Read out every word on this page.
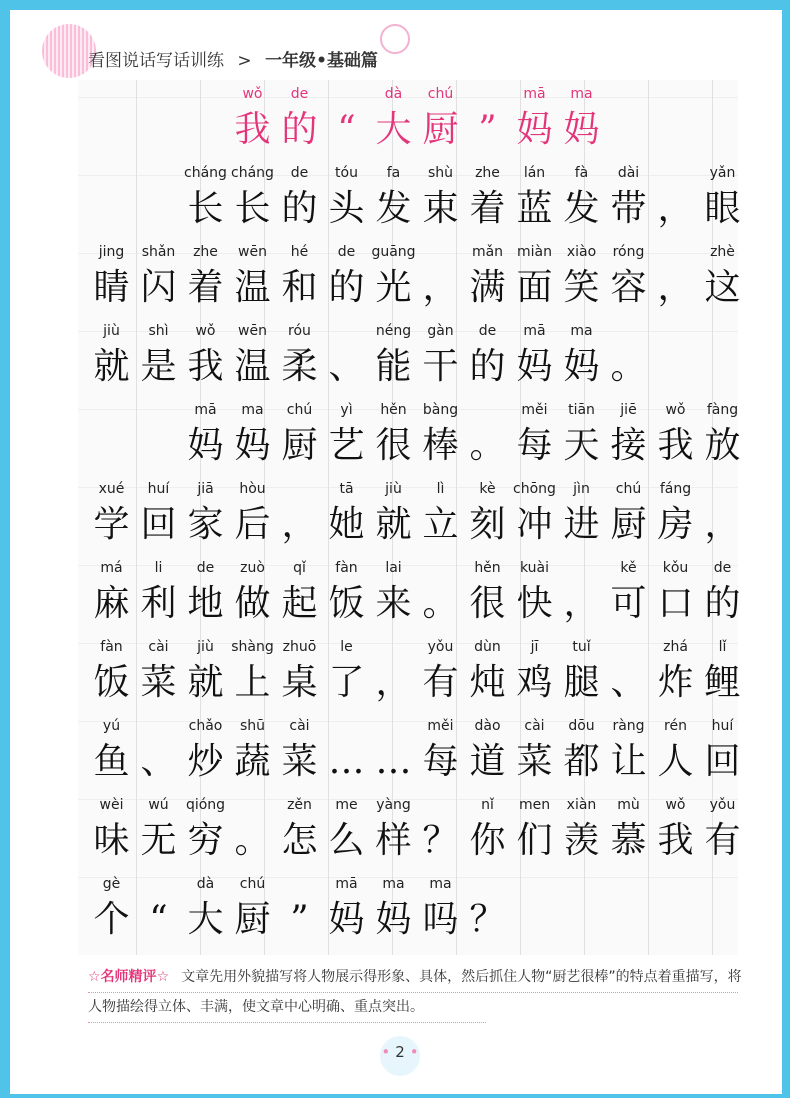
看图说话写话训练 > 一年级•基础篇
wǒ
我
de
的 “
dà
大
chú
厨 ”
mā
妈
ma
妈
cháng
长
cháng
长
de
的
tóu
头
fa
发
shù
束
zhe
着
lán
蓝
fà
发
dài
带 ，
yǎn
眼
jing
睛
shǎn
闪
zhe
着
wēn
温
hé
和
de
的
guāng
光 ，
mǎn
满
miàn
面
xiào
笑
róng
容 ，
zhè
这
jiù
就
shì
是
wǒ
我
wēn
温
róu
柔 、
néng
能
gàn
干
de
的
mā
妈
ma
妈 。
mā
妈
ma
妈
chú
厨
yì
艺
hěn
很
bàng
棒 。
měi
每
tiān
天
jiē
接
wǒ
我
fàng
放
xué
学
huí
回
jiā
家
hòu
后 ，
tā
她
jiù
就
lì
立
kè
刻
chōng
冲
jìn
进
chú
厨
fáng
房 ，
má
麻
li
利
de
地
zuò
做
qǐ
起
fàn
饭
lai
来 。
hěn
很
kuài
快 ，
kě
可
kǒu
口
de
的
fàn
饭
cài
菜
jiù
就
shàng
上
zhuō
桌
le
了 ，
yǒu
有
dùn
炖
jī
鸡
tuǐ
腿 、
zhá
炸
lǐ
鲤
yú
鱼 、
chǎo
炒
shū
蔬
cài
菜 … …
měi
每
dào
道
cài
菜
dōu
都
ràng
让
rén
人
huí
回
wèi
味
wú
无
qióng
穷 。
zěn
怎
me
么
yàng
样 ？
nǐ
你
men
们
xiàn
羡
mù
慕
wǒ
我
yǒu
有
gè
个 “
dà
大
chú
厨 ”
mā
妈
ma
妈
ma
吗 ？
☆名师精评☆ 文章先用外貌描写将人物展示得形象、具体，然后抓住人物“厨艺很棒”的特点着重描写，将人物描绘得立体、丰满，使文章中心明确、重点突出。
• 2 •
